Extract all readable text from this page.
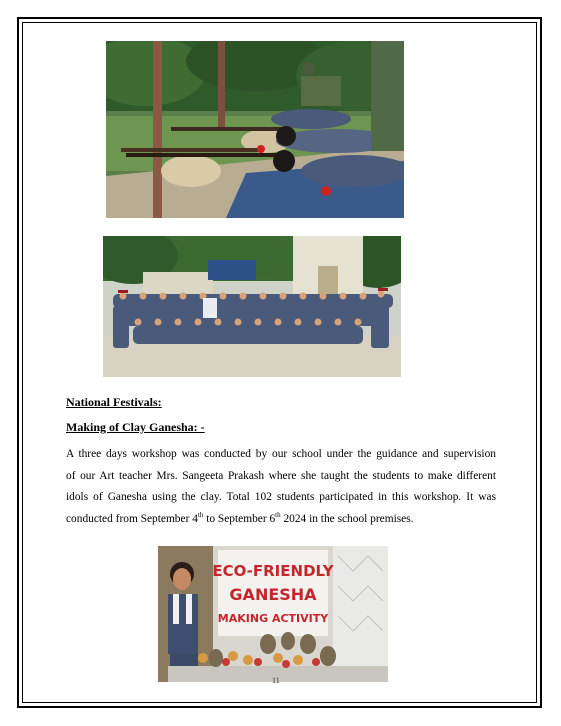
National Festivals:
Making of Clay Ganesha: -
A three days workshop was conducted by our school under the guidance and supervision
of our Art teacher Mrs. Sangeeta Prakash where she taught the students to make different
idols of Ganesha using the clay. Total 102 students participated in this workshop. It was
conducted from September 4th to September 6th 2024 in the school premises.
ECO-FRIENDLY
GANESHA
MAKING ACTIVITY
11
